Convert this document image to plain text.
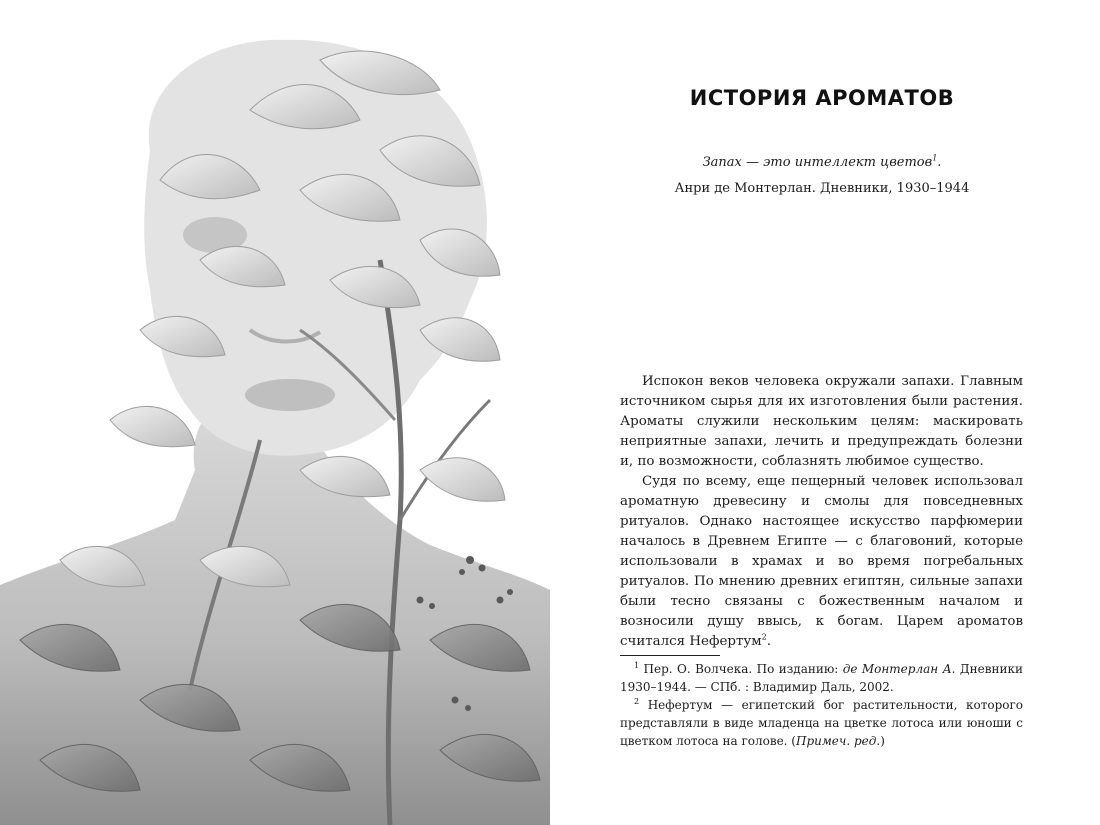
ИСТОРИЯ АРОМАТОВ
Запах — это интеллект цветов$^1$.
Анри де Монтерлан. Дневники, 1930–1944

Испокон веков человека окружали запахи. Главным источником сырья для их изготовления были растения. Ароматы служили нескольким целям: маскировать неприятные запахи, лечить и предупреждать болезни и, по возможности, соблазнять любимое существо.

Судя по всему, еще пещерный человек использовал ароматную древесину и смолы для повседневных ритуалов. Однако настоящее искусство парфюмерии началось в Древнем Египте — с благовоний, которые использовали в храмах и во время погребальных ритуалов. По мнению древних египтян, сильные запахи были тесно связаны с божественным началом и возносили душу ввысь, к богам. Царем ароматов считался Нефертум$^2$.

$^1$ Пер. О. Волчека. По изданию: де Монтерлан А. Дневники 1930–1944. — СПб. : Владимир Даль, 2002.

$^2$ Нефертум — египетский бог растительности, которого представляли в виде младенца на цветке лотоса или юноши с цветком лотоса на голове. (Примеч. ред.)
